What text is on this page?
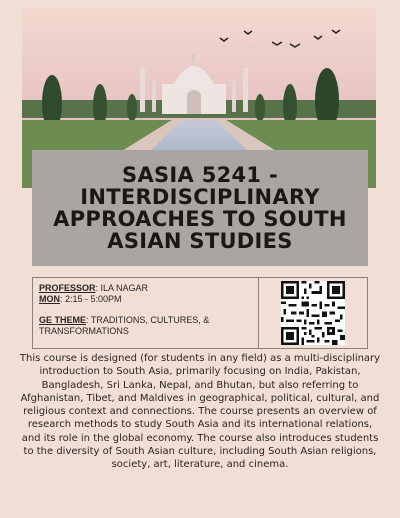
SASIA 5241 - INTERDISCIPLINARY APPROACHES TO SOUTH ASIAN STUDIES

PROFESSOR: ILA NAGAR

MON: 2:15 - 5:00PM

GE THEME: TRADITIONS, CULTURES, & TRANSFORMATIONS

This course is designed (for students in any field) as a multi-disciplinary introduction to South Asia, primarily focusing on India, Pakistan, Bangladesh, Sri Lanka, Nepal, and Bhutan, but also referring to Afghanistan, Tibet, and Maldives in geographical, political, cultural, and religious context and connections. The course presents an overview of research methods to study South Asia and its international relations, and its role in the global economy. The course also introduces students to the diversity of South Asian culture, including South Asian religions, society, art, literature, and cinema.
